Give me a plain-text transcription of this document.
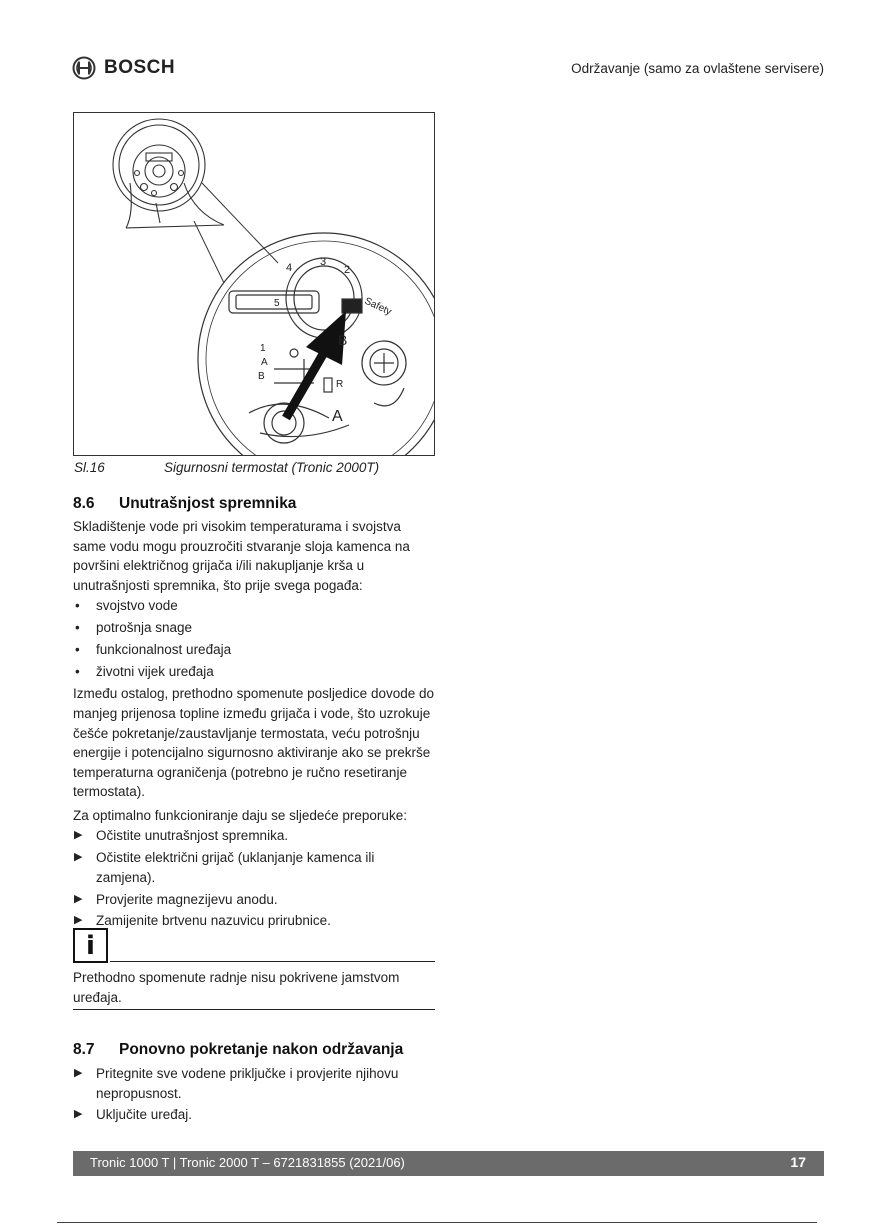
BOSCH	Održavanje (samo za ovlaštene servisere)
4	3
2
5	Safety
1
A
B
R
A
B
Sl.16	Sigurnosni termostat (Tronic 2000T)
8.6 Unutrašnjost spremnika

Skladištenje vode pri visokim temperaturama i svojstva same vodu mogu prouzročiti stvaranje sloja kamenca na površini električnog grijača i/ili nakupljanje krša u unutrašnjosti spremnika, što prije svega pogađa:

• svojstvo vode
• potrošnja snage
• funkcionalnost uređaja
• životni vijek uređaja

Između ostalog, prethodno spomenute posljedice dovode do manjeg prijenosa topline između grijača i vode, što uzrokuje češće pokretanje/zaustavljanje termostata, veću potrošnju energije i potencijalno sigurnosno aktiviranje ako se prekrše temperaturna ograničenja (potrebno je ručno resetiranje termostata).

Za optimalno funkcioniranje daju se sljedeće preporuke:

▶ Očistite unutrašnjost spremnika.
▶ Očistite električni grijač (uklanjanje kamenca ili zamjena).
▶ Provjerite magnezijevu anodu.
▶ Zamijenite brtvenu nazuvicu prirubnice.
i

Prethodno spomenute radnje nisu pokrivene jamstvom uređaja.

8.7 Ponovno pokretanje nakon održavanja
▶ Pritegnite sve vodene priključke i provjerite njihovu nepropusnost.
▶ Uključite uređaj.
Tronic 1000 T | Tronic 2000 T – 6721831855 (2021/06)	17
